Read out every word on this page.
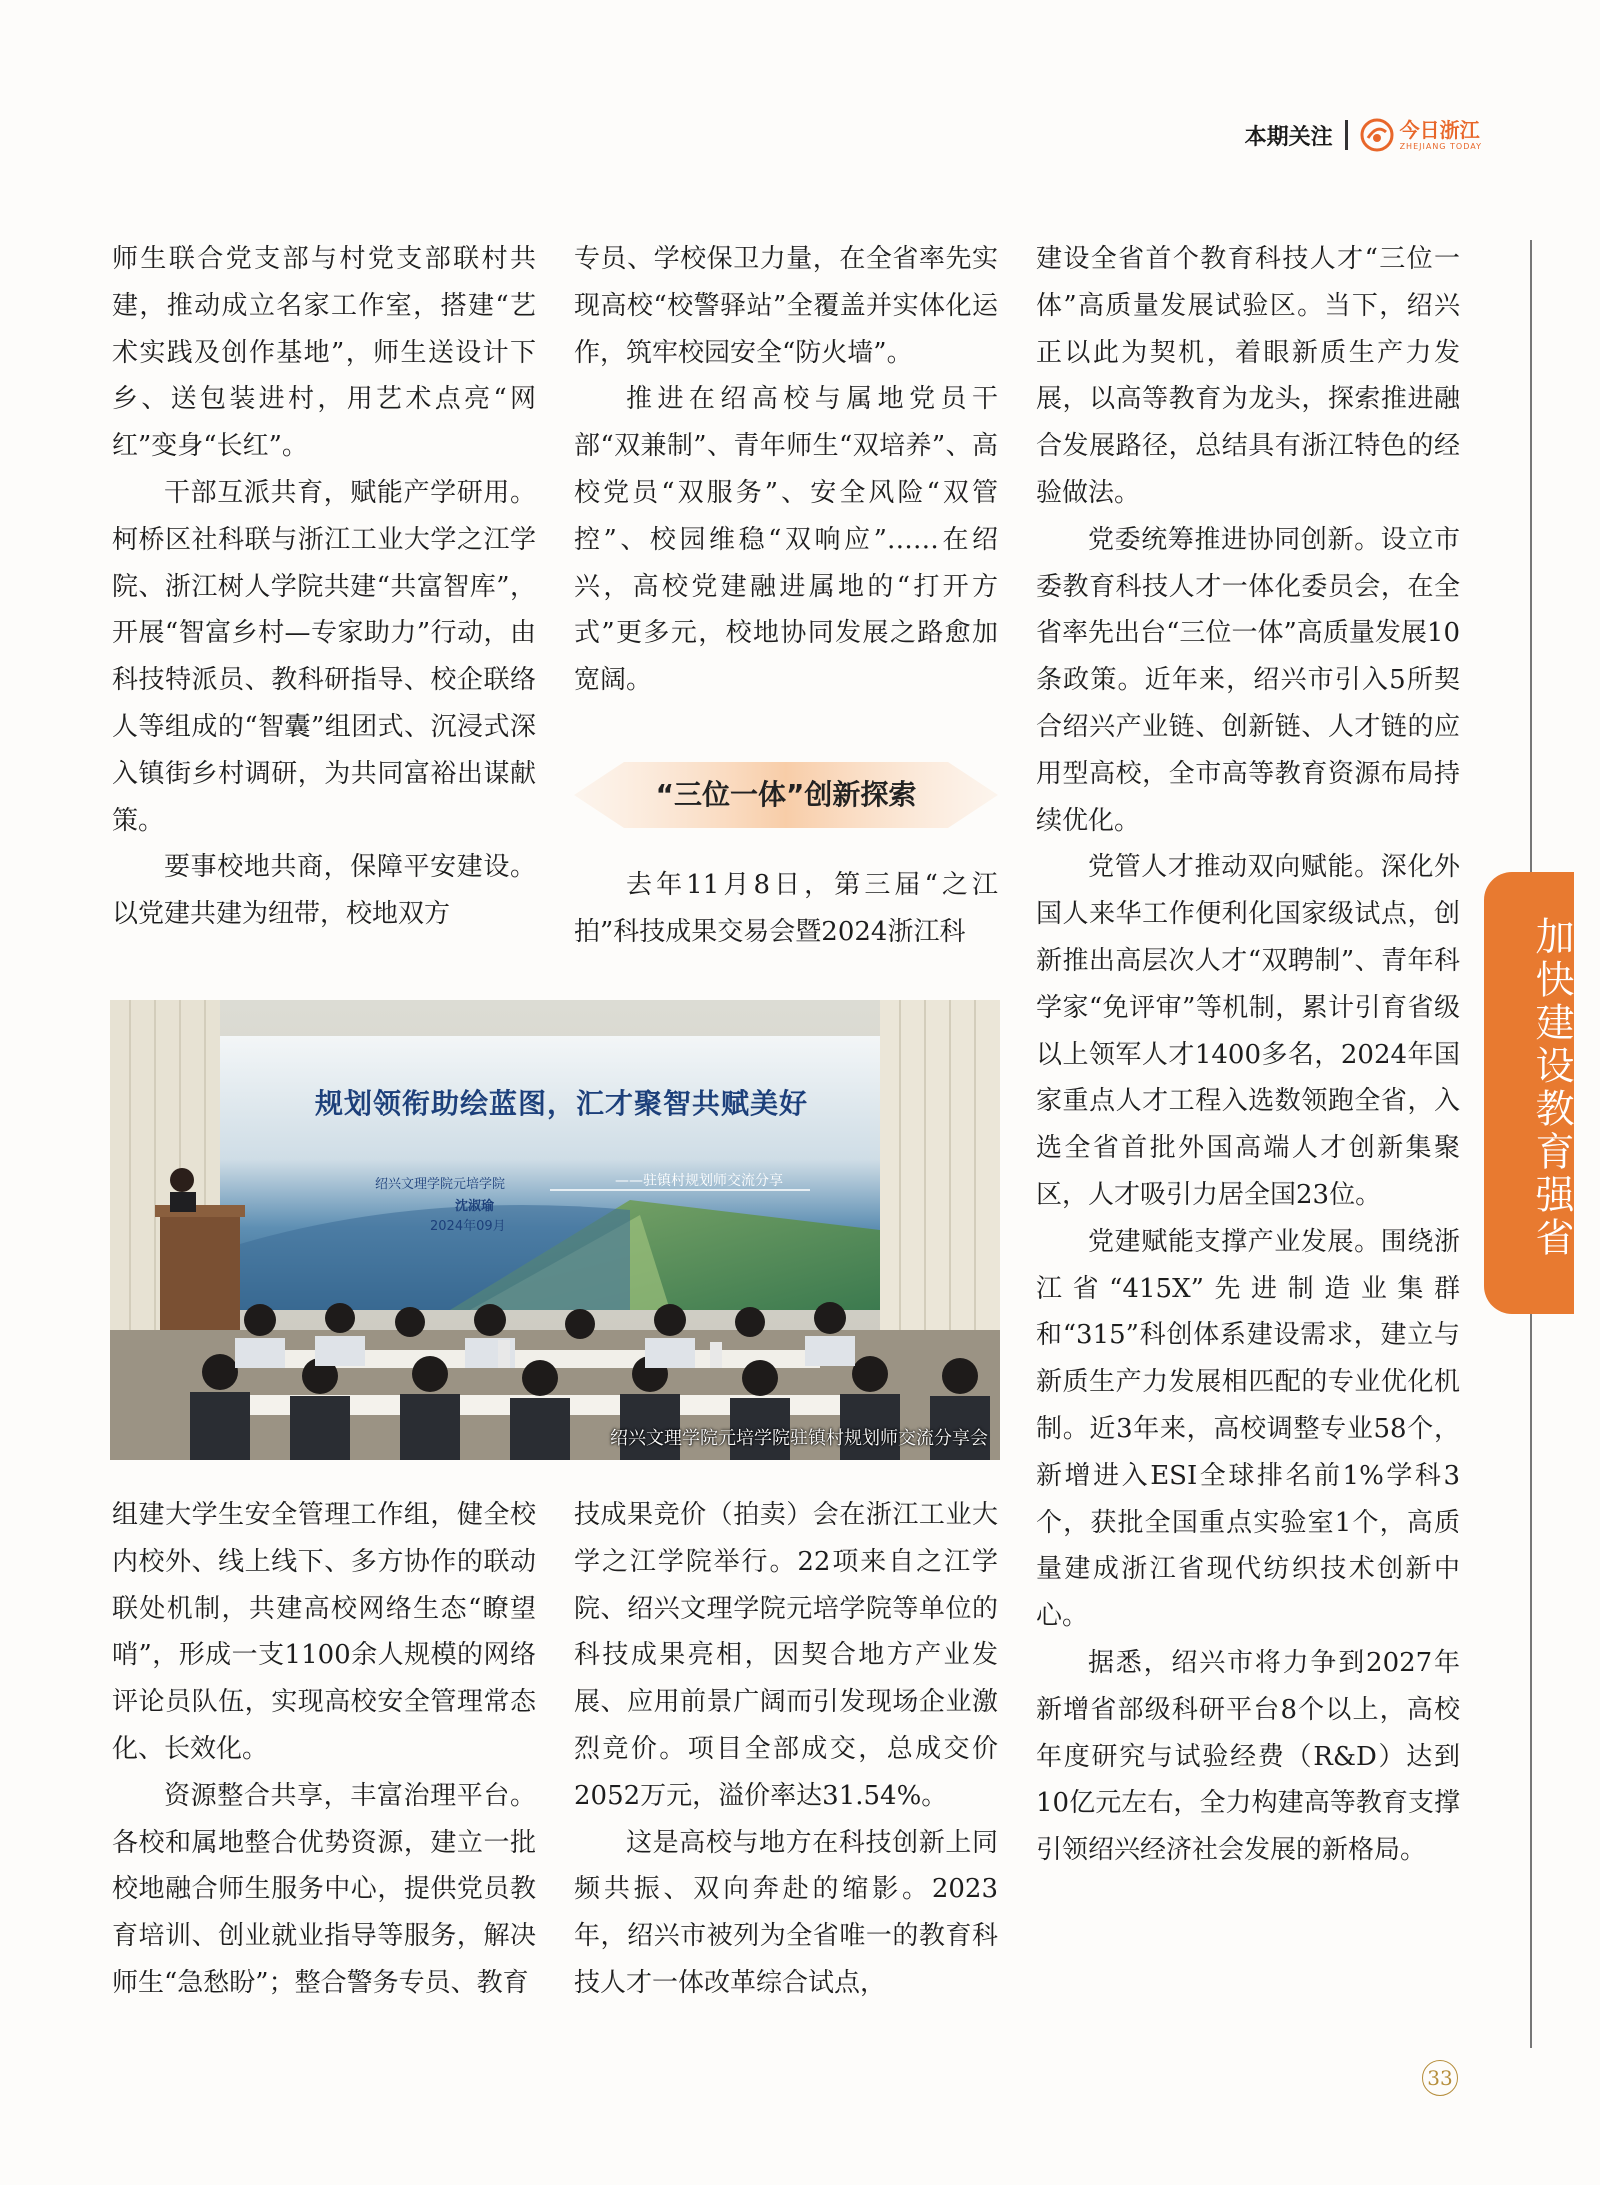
本期关注	今日浙江
ZHEJIANG TODAY

师生联合党支部与村党支部联村共建，推动成立名家工作室，搭建“艺术实践及创作基地”，师生送设计下乡、送包装进村，用艺术点亮“网红”变身“长红”。

干部互派共育，赋能产学研用。柯桥区社科联与浙江工业大学之江学院、浙江树人学院共建“共富智库”，开展“智富乡村—专家助力”行动，由科技特派员、教科研指导、校企联络人等组成的“智囊”组团式、沉浸式深入镇街乡村调研，为共同富裕出谋献策。

要事校地共商，保障平安建设。以党建共建为纽带，校地双方

专员、学校保卫力量，在全省率先实现高校“校警驿站”全覆盖并实体化运作，筑牢校园安全“防火墙”。

推进在绍高校与属地党员干部“双兼制”、青年师生“双培养”、高校党员“双服务”、安全风险“双管控”、校园维稳“双响应”……在绍兴，高校党建融进属地的“打开方式”更多元，校地协同发展之路愈加宽阔。

“三位一体”创新探索

去年11月8日，第三届“之江拍”科技成果交易会暨2024浙江科

规划领衔助绘蓝图，汇才聚智共赋美好
绍兴文理学院元培学院
沈淑瑜
2024年09月
——驻镇村规划师交流分享
绍兴文理学院元培学院驻镇村规划师交流分享会

组建大学生安全管理工作组，健全校内校外、线上线下、多方协作的联动联处机制，共建高校网络生态“瞭望哨”，形成一支1100余人规模的网络评论员队伍，实现高校安全管理常态化、长效化。

资源整合共享，丰富治理平台。各校和属地整合优势资源，建立一批校地融合师生服务中心，提供党员教育培训、创业就业指导等服务，解决师生“急愁盼”；整合警务专员、教育

技成果竞价（拍卖）会在浙江工业大学之江学院举行。22项来自之江学院、绍兴文理学院元培学院等单位的科技成果亮相，因契合地方产业发展、应用前景广阔而引发现场企业激烈竞价。项目全部成交，总成交价2052万元，溢价率达31.54%。

这是高校与地方在科技创新上同频共振、双向奔赴的缩影。2023年，绍兴市被列为全省唯一的教育科技人才一体改革综合试点，

建设全省首个教育科技人才“三位一体”高质量发展试验区。当下，绍兴正以此为契机，着眼新质生产力发展，以高等教育为龙头，探索推进融合发展路径，总结具有浙江特色的经验做法。

党委统筹推进协同创新。设立市委教育科技人才一体化委员会，在全省率先出台“三位一体”高质量发展10条政策。近年来，绍兴市引入5所契合绍兴产业链、创新链、人才链的应用型高校，全市高等教育资源布局持续优化。

党管人才推动双向赋能。深化外国人来华工作便利化国家级试点，创新推出高层次人才“双聘制”、青年科学家“免评审”等机制，累计引育省级以上领军人才1400多名，2024年国家重点人才工程入选数领跑全省，入选全省首批外国高端人才创新集聚区，人才吸引力居全国23位。

党建赋能支撑产业发展。围绕浙江省“415X”先进制造业集群和“315”科创体系建设需求，建立与新质生产力发展相匹配的专业优化机制。近3年来，高校调整专业58个，新增进入ESI全球排名前1%学科3个，获批全国重点实验室1个，高质量建成浙江省现代纺织技术创新中心。

据悉，绍兴市将力争到2027年新增省部级科研平台8个以上，高校年度研究与试验经费（R&D）达到10亿元左右，全力构建高等教育支撑引领绍兴经济社会发展的新格局。

加快建设教育强省
33
